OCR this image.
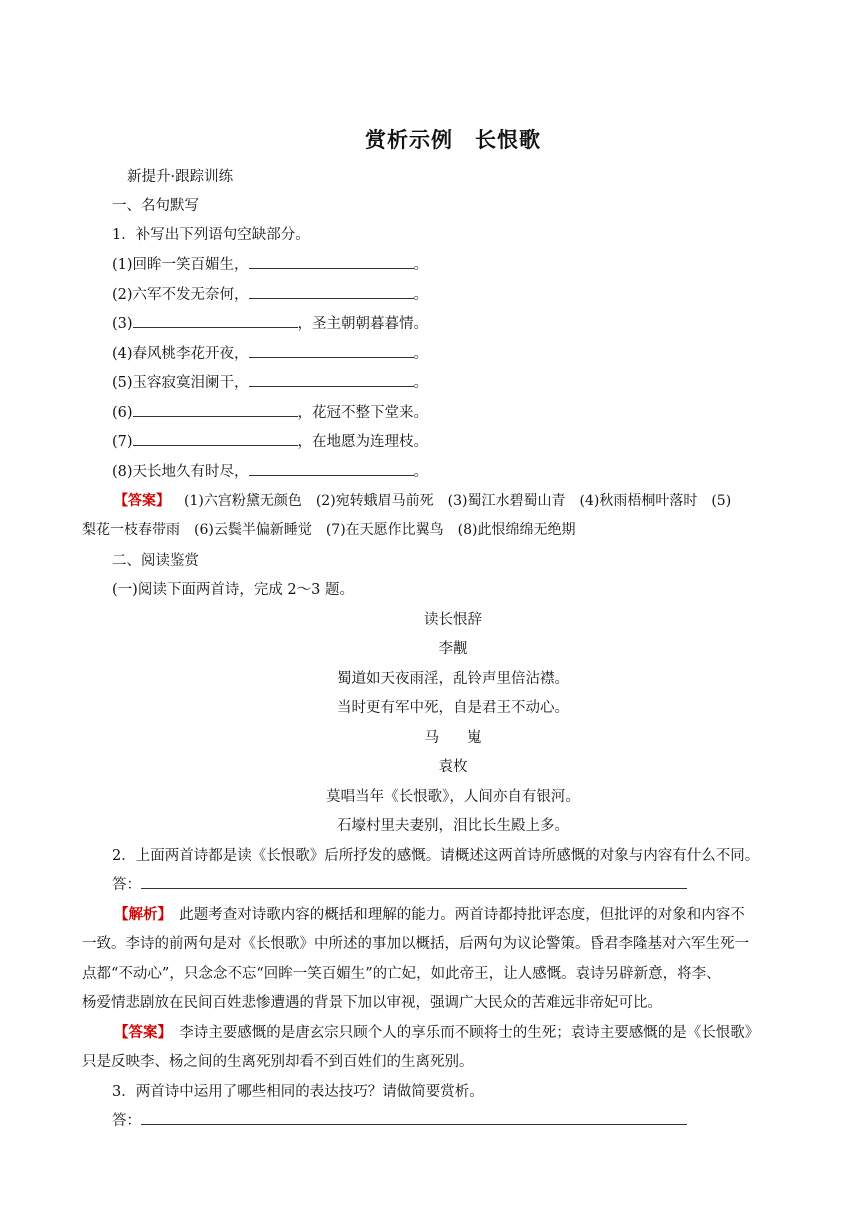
赏析示例　长恨歌
新提升·跟踪训练
一、名句默写
1．补写出下列语句空缺部分。
(1)回眸一笑百媚生，	。
(2)六军不发无奈何，	。
(3)	，圣主朝朝暮暮情。
(4)春风桃李花开夜，	。
(5)玉容寂寞泪阑干，	。
(6)	，花冠不整下堂来。
(7)	，在地愿为连理枝。
(8)天长地久有时尽，	。
【答案】 (1)六宫粉黛无颜色　(2)宛转蛾眉马前死　(3)蜀江水碧蜀山青　(4)秋雨梧桐叶落时　(5)
梨花一枝春带雨　(6)云鬓半偏新睡觉　(7)在天愿作比翼鸟　(8)此恨绵绵无绝期
二、阅读鉴赏
(一)阅读下面两首诗，完成 2～3 题。
读长恨辞
李觏
蜀道如天夜雨淫，乱铃声里倍沾襟。
当时更有军中死，自是君王不动心。
马嵬
袁枚
莫唱当年《长恨歌》，人间亦自有银河。
石壕村里夫妻别，泪比长生殿上多。
2．上面两首诗都是读《长恨歌》后所抒发的感慨。请概述这两首诗所感慨的对象与内容有什么不同。
答：
【解析】　此题考查对诗歌内容的概括和理解的能力。两首诗都持批评态度，但批评的对象和内容不
一致。李诗的前两句是对《长恨歌》中所述的事加以概括，后两句为议论警策。昏君李隆基对六军生死一
点都“不动心”，只念念不忘“回眸一笑百媚生”的亡妃，如此帝王，让人感慨。袁诗另辟新意，将李、
杨爱情悲剧放在民间百姓悲惨遭遇的背景下加以审视，强调广大民众的苦难远非帝妃可比。
【答案】　李诗主要感慨的是唐玄宗只顾个人的享乐而不顾将士的生死；袁诗主要感慨的是《长恨歌》
只是反映李、杨之间的生离死别却看不到百姓们的生离死别。
3．两首诗中运用了哪些相同的表达技巧？请做简要赏析。
答：
